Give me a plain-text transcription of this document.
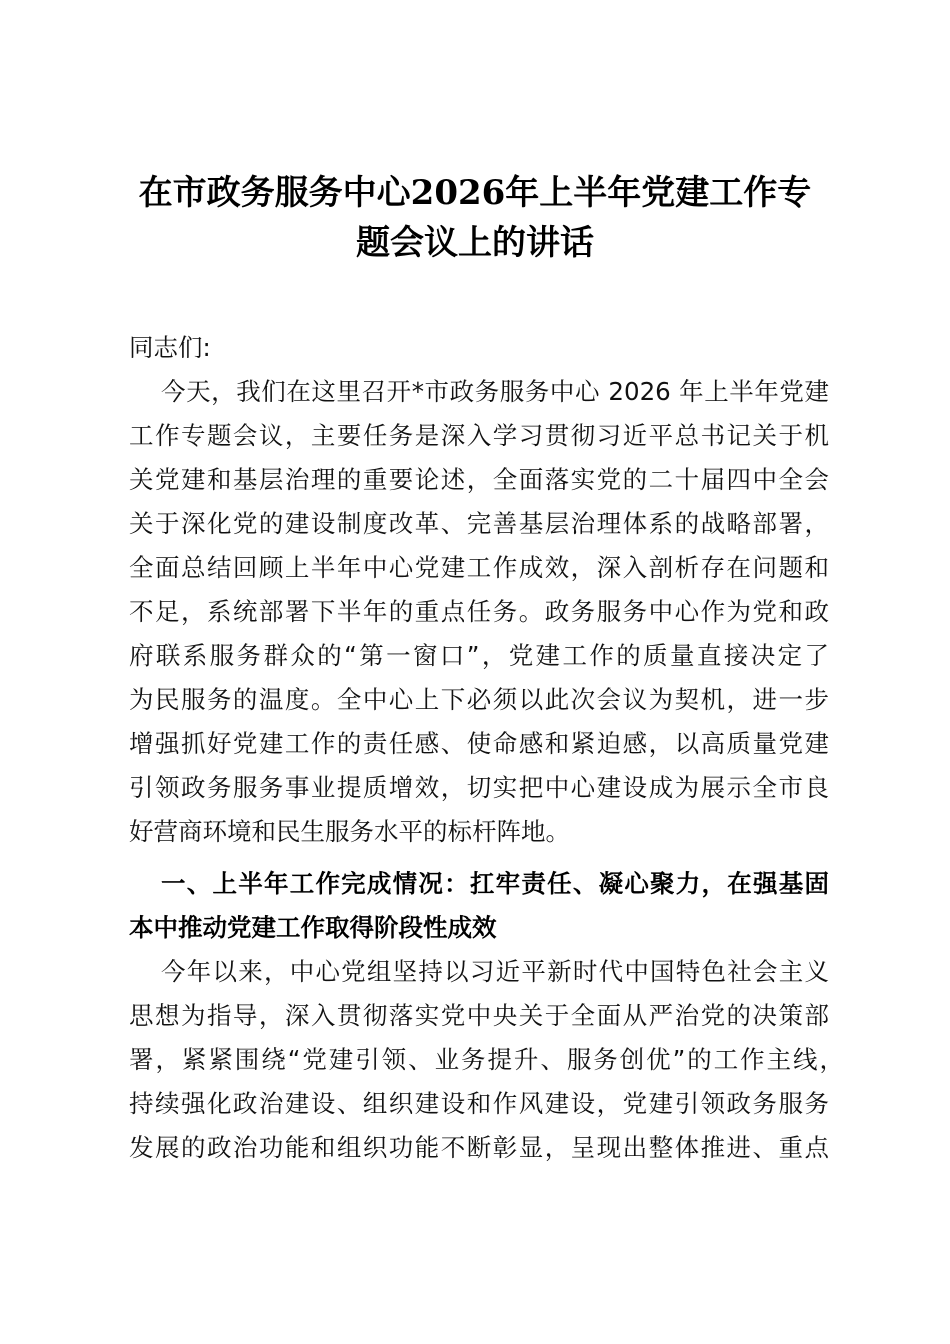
在市政务服务中心2026年上半年党建工作专
题会议上的讲话
同志们:
今天，我们在这里召开*市政务服务中心 2026 年上半年党建
工作专题会议，主要任务是深入学习贯彻习近平总书记关于机
关党建和基层治理的重要论述，全面落实党的二十届四中全会
关于深化党的建设制度改革、完善基层治理体系的战略部署，
全面总结回顾上半年中心党建工作成效，深入剖析存在问题和
不足，系统部署下半年的重点任务。政务服务中心作为党和政
府联系服务群众的“第一窗口”，党建工作的质量直接决定了
为民服务的温度。全中心上下必须以此次会议为契机，进一步
增强抓好党建工作的责任感、使命感和紧迫感，以高质量党建
引领政务服务事业提质增效，切实把中心建设成为展示全市良
好营商环境和民生服务水平的标杆阵地。
一、上半年工作完成情况：扛牢责任、凝心聚力，在强基固
本中推动党建工作取得阶段性成效
今年以来，中心党组坚持以习近平新时代中国特色社会主义
思想为指导，深入贯彻落实党中央关于全面从严治党的决策部
署，紧紧围绕“党建引领、业务提升、服务创优”的工作主线，
持续强化政治建设、组织建设和作风建设，党建引领政务服务
发展的政治功能和组织功能不断彰显，呈现出整体推进、重点
